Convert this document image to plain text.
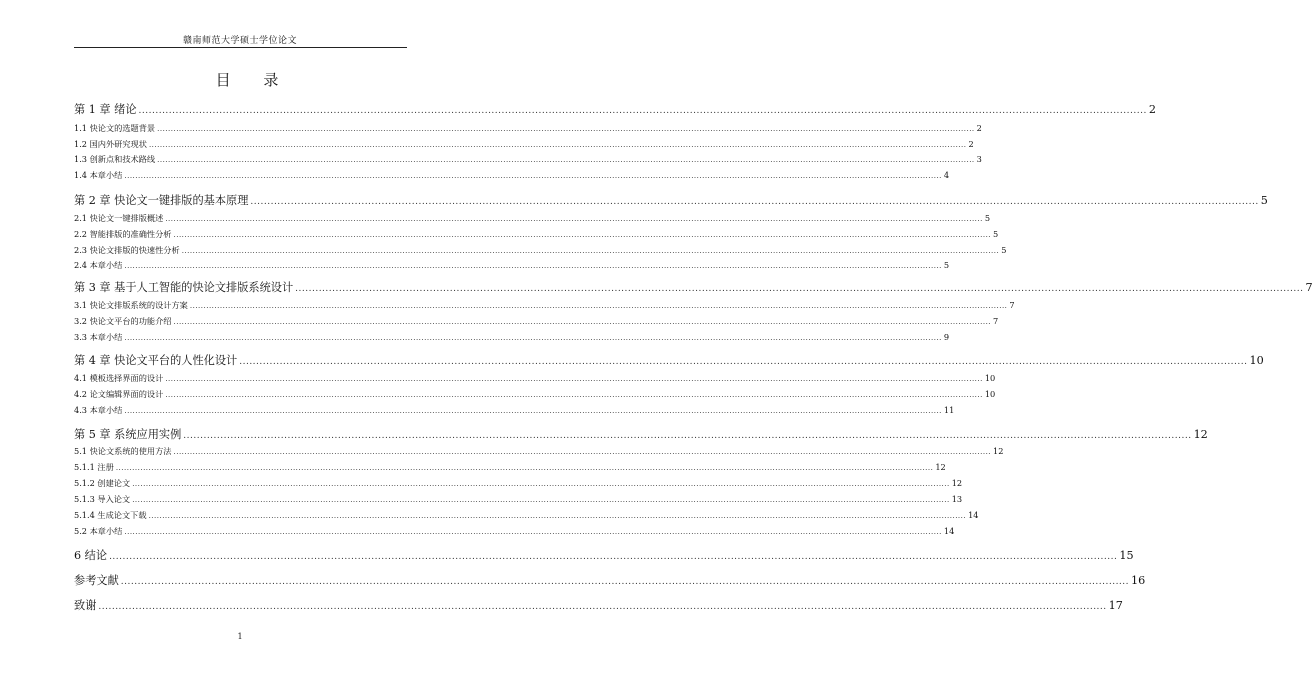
赣南师范大学硕士学位论文
目 录
第 1 章 绪论 ............................................................................................................................................................................................................................................................................................................ 2
1.1 快论文的选题背景 ............................................................................................................................................................................................................................................................................................................ 2
1.2 国内外研究现状 ............................................................................................................................................................................................................................................................................................................ 2
1.3 创新点和技术路线 ............................................................................................................................................................................................................................................................................................................ 3
1.4 本章小结 ............................................................................................................................................................................................................................................................................................................ 4
第 2 章 快论文一键排版的基本原理 ............................................................................................................................................................................................................................................................................................................ 5
2.1 快论文一键排版概述 ............................................................................................................................................................................................................................................................................................................ 5
2.2 智能排版的准确性分析 ............................................................................................................................................................................................................................................................................................................ 5
2.3 快论文排版的快速性分析 ............................................................................................................................................................................................................................................................................................................ 5
2.4 本章小结 ............................................................................................................................................................................................................................................................................................................ 5
第 3 章 基于人工智能的快论文排版系统设计 ............................................................................................................................................................................................................................................................................................................ 7
3.1 快论文排版系统的设计方案 ............................................................................................................................................................................................................................................................................................................ 7
3.2 快论文平台的功能介绍 ............................................................................................................................................................................................................................................................................................................ 7
3.3 本章小结 ............................................................................................................................................................................................................................................................................................................ 9
第 4 章 快论文平台的人性化设计 ............................................................................................................................................................................................................................................................................................................ 10
4.1 模板选择界面的设计 ............................................................................................................................................................................................................................................................................................................ 10
4.2 论文编辑界面的设计 ............................................................................................................................................................................................................................................................................................................ 10
4.3 本章小结 ............................................................................................................................................................................................................................................................................................................ 11
第 5 章 系统应用实例 ............................................................................................................................................................................................................................................................................................................ 12
5.1 快论文系统的使用方法 ............................................................................................................................................................................................................................................................................................................ 12
5.1.1 注册 ............................................................................................................................................................................................................................................................................................................ 12
5.1.2 创建论文 ............................................................................................................................................................................................................................................................................................................ 12
5.1.3 导入论文 ............................................................................................................................................................................................................................................................................................................ 13
5.1.4 生成论文下载 ............................................................................................................................................................................................................................................................................................................ 14
5.2 本章小结 ............................................................................................................................................................................................................................................................................................................ 14
6 结论 ............................................................................................................................................................................................................................................................................................................ 15
参考文献 ............................................................................................................................................................................................................................................................................................................ 16
致谢 ............................................................................................................................................................................................................................................................................................................ 17
1
